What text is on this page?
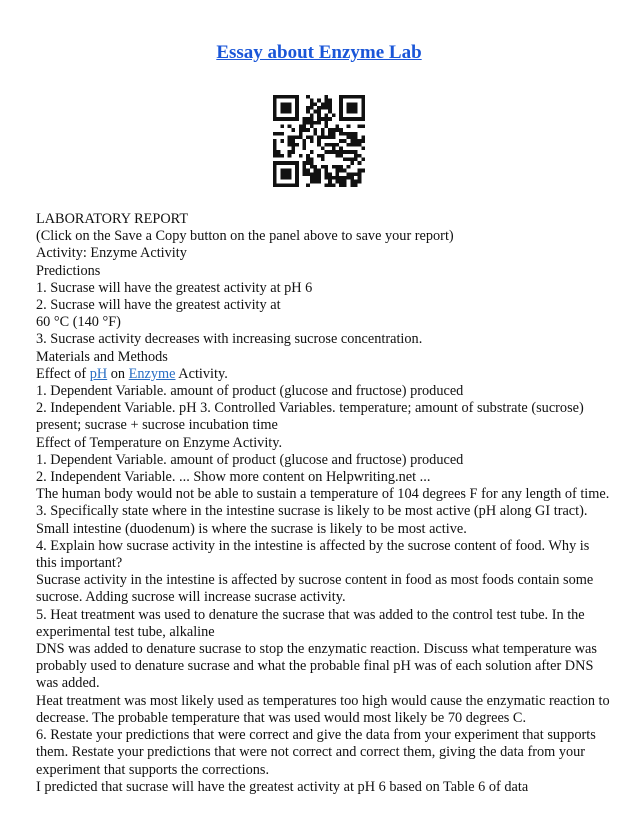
Essay about Enzyme Lab
LABORATORY REPORT
(Click on the Save a Copy button on the panel above to save your report)
Activity: Enzyme Activity
Predictions
1. Sucrase will have the greatest activity at pH 6
2. Sucrase will have the greatest activity at
60 °C (140 °F)
3. Sucrase activity decreases with increasing sucrose concentration.
Materials and Methods
Effect of pH on Enzyme Activity.
1. Dependent Variable. amount of product (glucose and fructose) produced
2. Independent Variable. pH 3. Controlled Variables. temperature; amount of substrate (sucrose)
present; sucrase + sucrose incubation time
Effect of Temperature on Enzyme Activity.
1. Dependent Variable. amount of product (glucose and fructose) produced
2. Independent Variable. ... Show more content on Helpwriting.net ...
The human body would not be able to sustain a temperature of 104 degrees F for any length of time.
3. Specifically state where in the intestine sucrase is likely to be most active (pH along GI tract).
Small intestine (duodenum) is where the sucrase is likely to be most active.
4. Explain how sucrase activity in the intestine is affected by the sucrose content of food. Why is
this important?
Sucrase activity in the intestine is affected by sucrose content in food as most foods contain some
sucrose. Adding sucrose will increase sucrase activity.
5. Heat treatment was used to denature the sucrase that was added to the control test tube. In the
experimental test tube, alkaline
DNS was added to denature sucrase to stop the enzymatic reaction. Discuss what temperature was
probably used to denature sucrase and what the probable final pH was of each solution after DNS
was added.
Heat treatment was most likely used as temperatures too high would cause the enzymatic reaction to
decrease. The probable temperature that was used would most likely be 70 degrees C.
6. Restate your predictions that were correct and give the data from your experiment that supports
them. Restate your predictions that were not correct and correct them, giving the data from your
experiment that supports the corrections.
I predicted that sucrase will have the greatest activity at pH 6 based on Table 6 of data
